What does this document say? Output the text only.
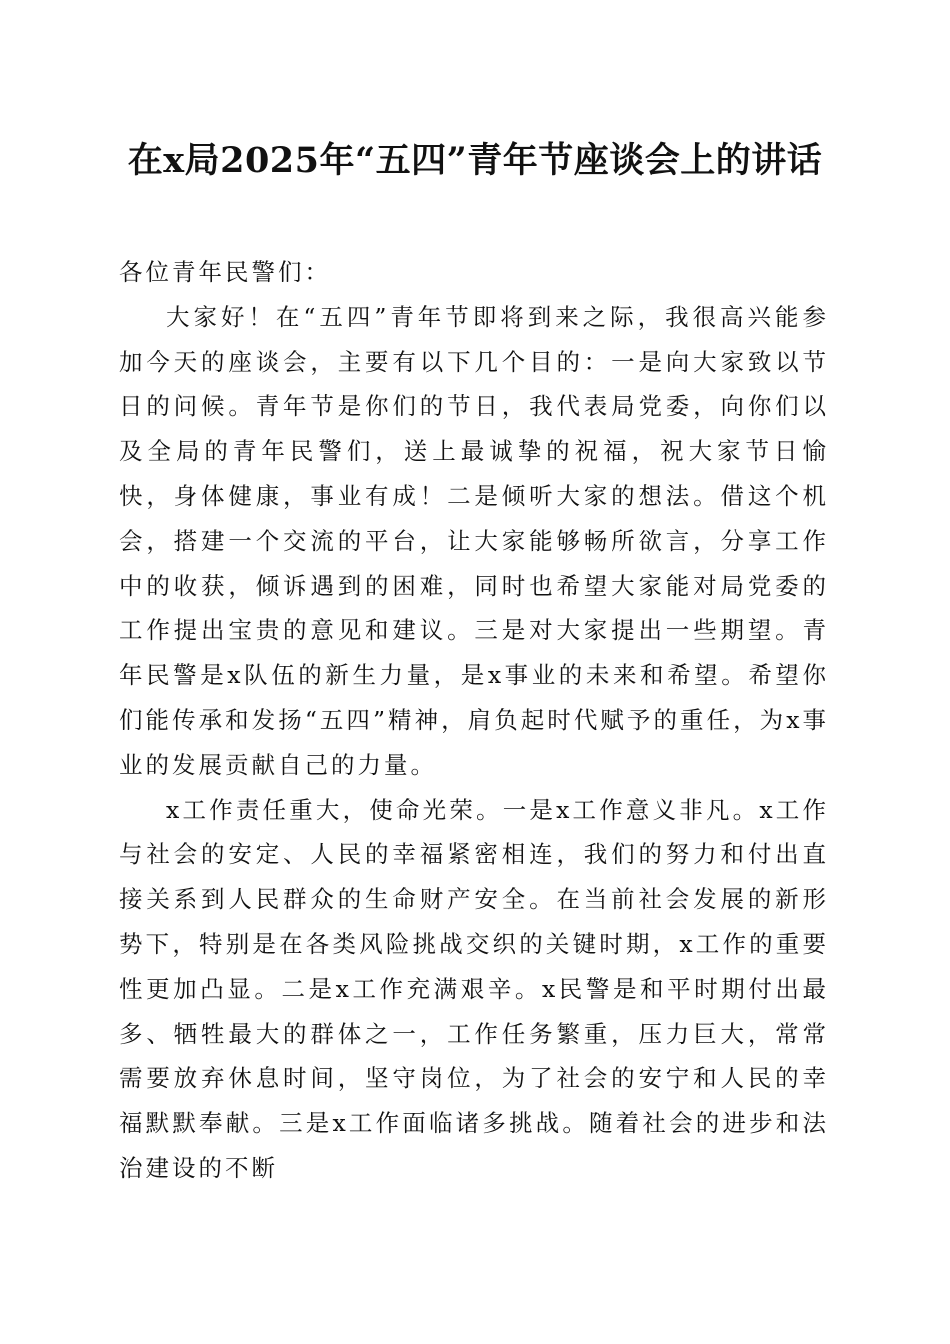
在x局2025年“五四”青年节座谈会上的讲话

各位青年民警们：

大家好！在“五四”青年节即将到来之际，我很高兴能参加今天的座谈会，主要有以下几个目的：一是向大家致以节日的问候。青年节是你们的节日，我代表局党委，向你们以及全局的青年民警们，送上最诚挚的祝福，祝大家节日愉快，身体健康，事业有成！二是倾听大家的想法。借这个机会，搭建一个交流的平台，让大家能够畅所欲言，分享工作中的收获，倾诉遇到的困难，同时也希望大家能对局党委的工作提出宝贵的意见和建议。三是对大家提出一些期望。青年民警是x队伍的新生力量，是x事业的未来和希望。希望你们能传承和发扬“五四”精神，肩负起时代赋予的重任，为x事业的发展贡献自己的力量。

x工作责任重大，使命光荣。一是x工作意义非凡。x工作与社会的安定、人民的幸福紧密相连，我们的努力和付出直接关系到人民群众的生命财产安全。在当前社会发展的新形势下，特别是在各类风险挑战交织的关键时期，x工作的重要性更加凸显。二是x工作充满艰辛。x民警是和平时期付出最多、牺牲最大的群体之一，工作任务繁重，压力巨大，常常需要放弃休息时间，坚守岗位，为了社会的安宁和人民的幸福默默奉献。三是x工作面临诸多挑战。随着社会的进步和法治建设的不断
